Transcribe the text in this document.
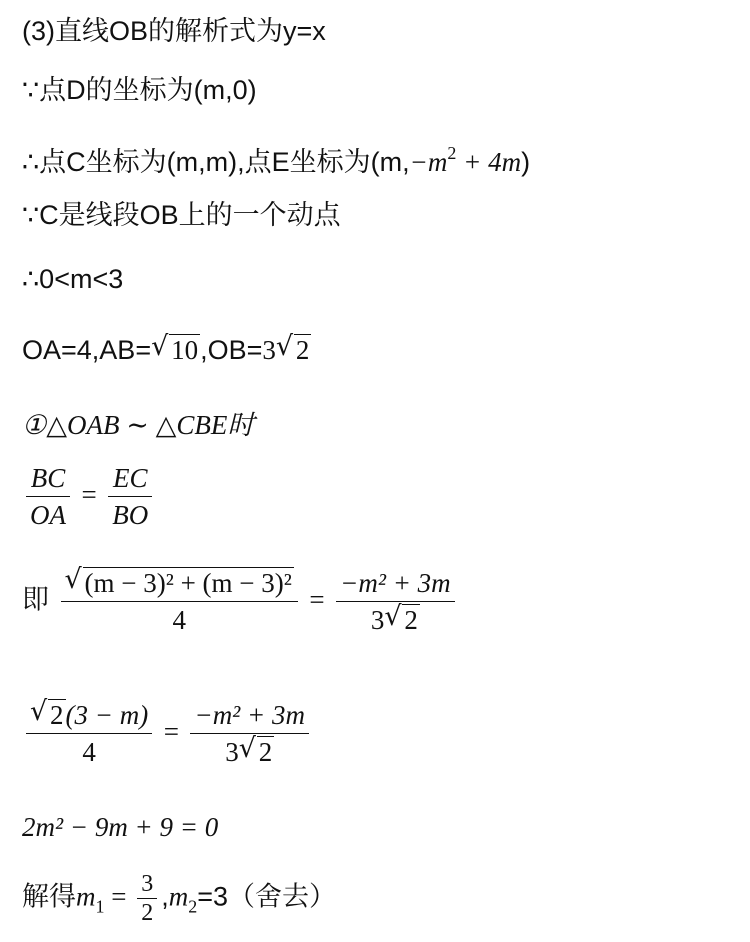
(3)直线OB的解析式为y=x
∵点D的坐标为(m,0)
∴点C坐标为(m,m),点E坐标为$(m,-m^2 + 4m)$
∵C是线段OB上的一个动点
∴0<m<3
OA=4,AB= √ 10,OB=3 √ 2
①△OAB ∼ △CBE时
$\frac{BC}{OA} = \frac{EC}{BO}$
即 $\frac{\text{√ (m − 3)² + (m − 3)²}}{4} = \frac{\text{−m² + 3m}}{3 √ 2}$
$\frac{√ 2(3 - m)}{4} = \frac{\text{−m² + 3m}}{3 √ 2}$
2m² − 9m + 9 = 0
解得$m_1 = \frac{3}{2} ,m_2=3$（舍去）
